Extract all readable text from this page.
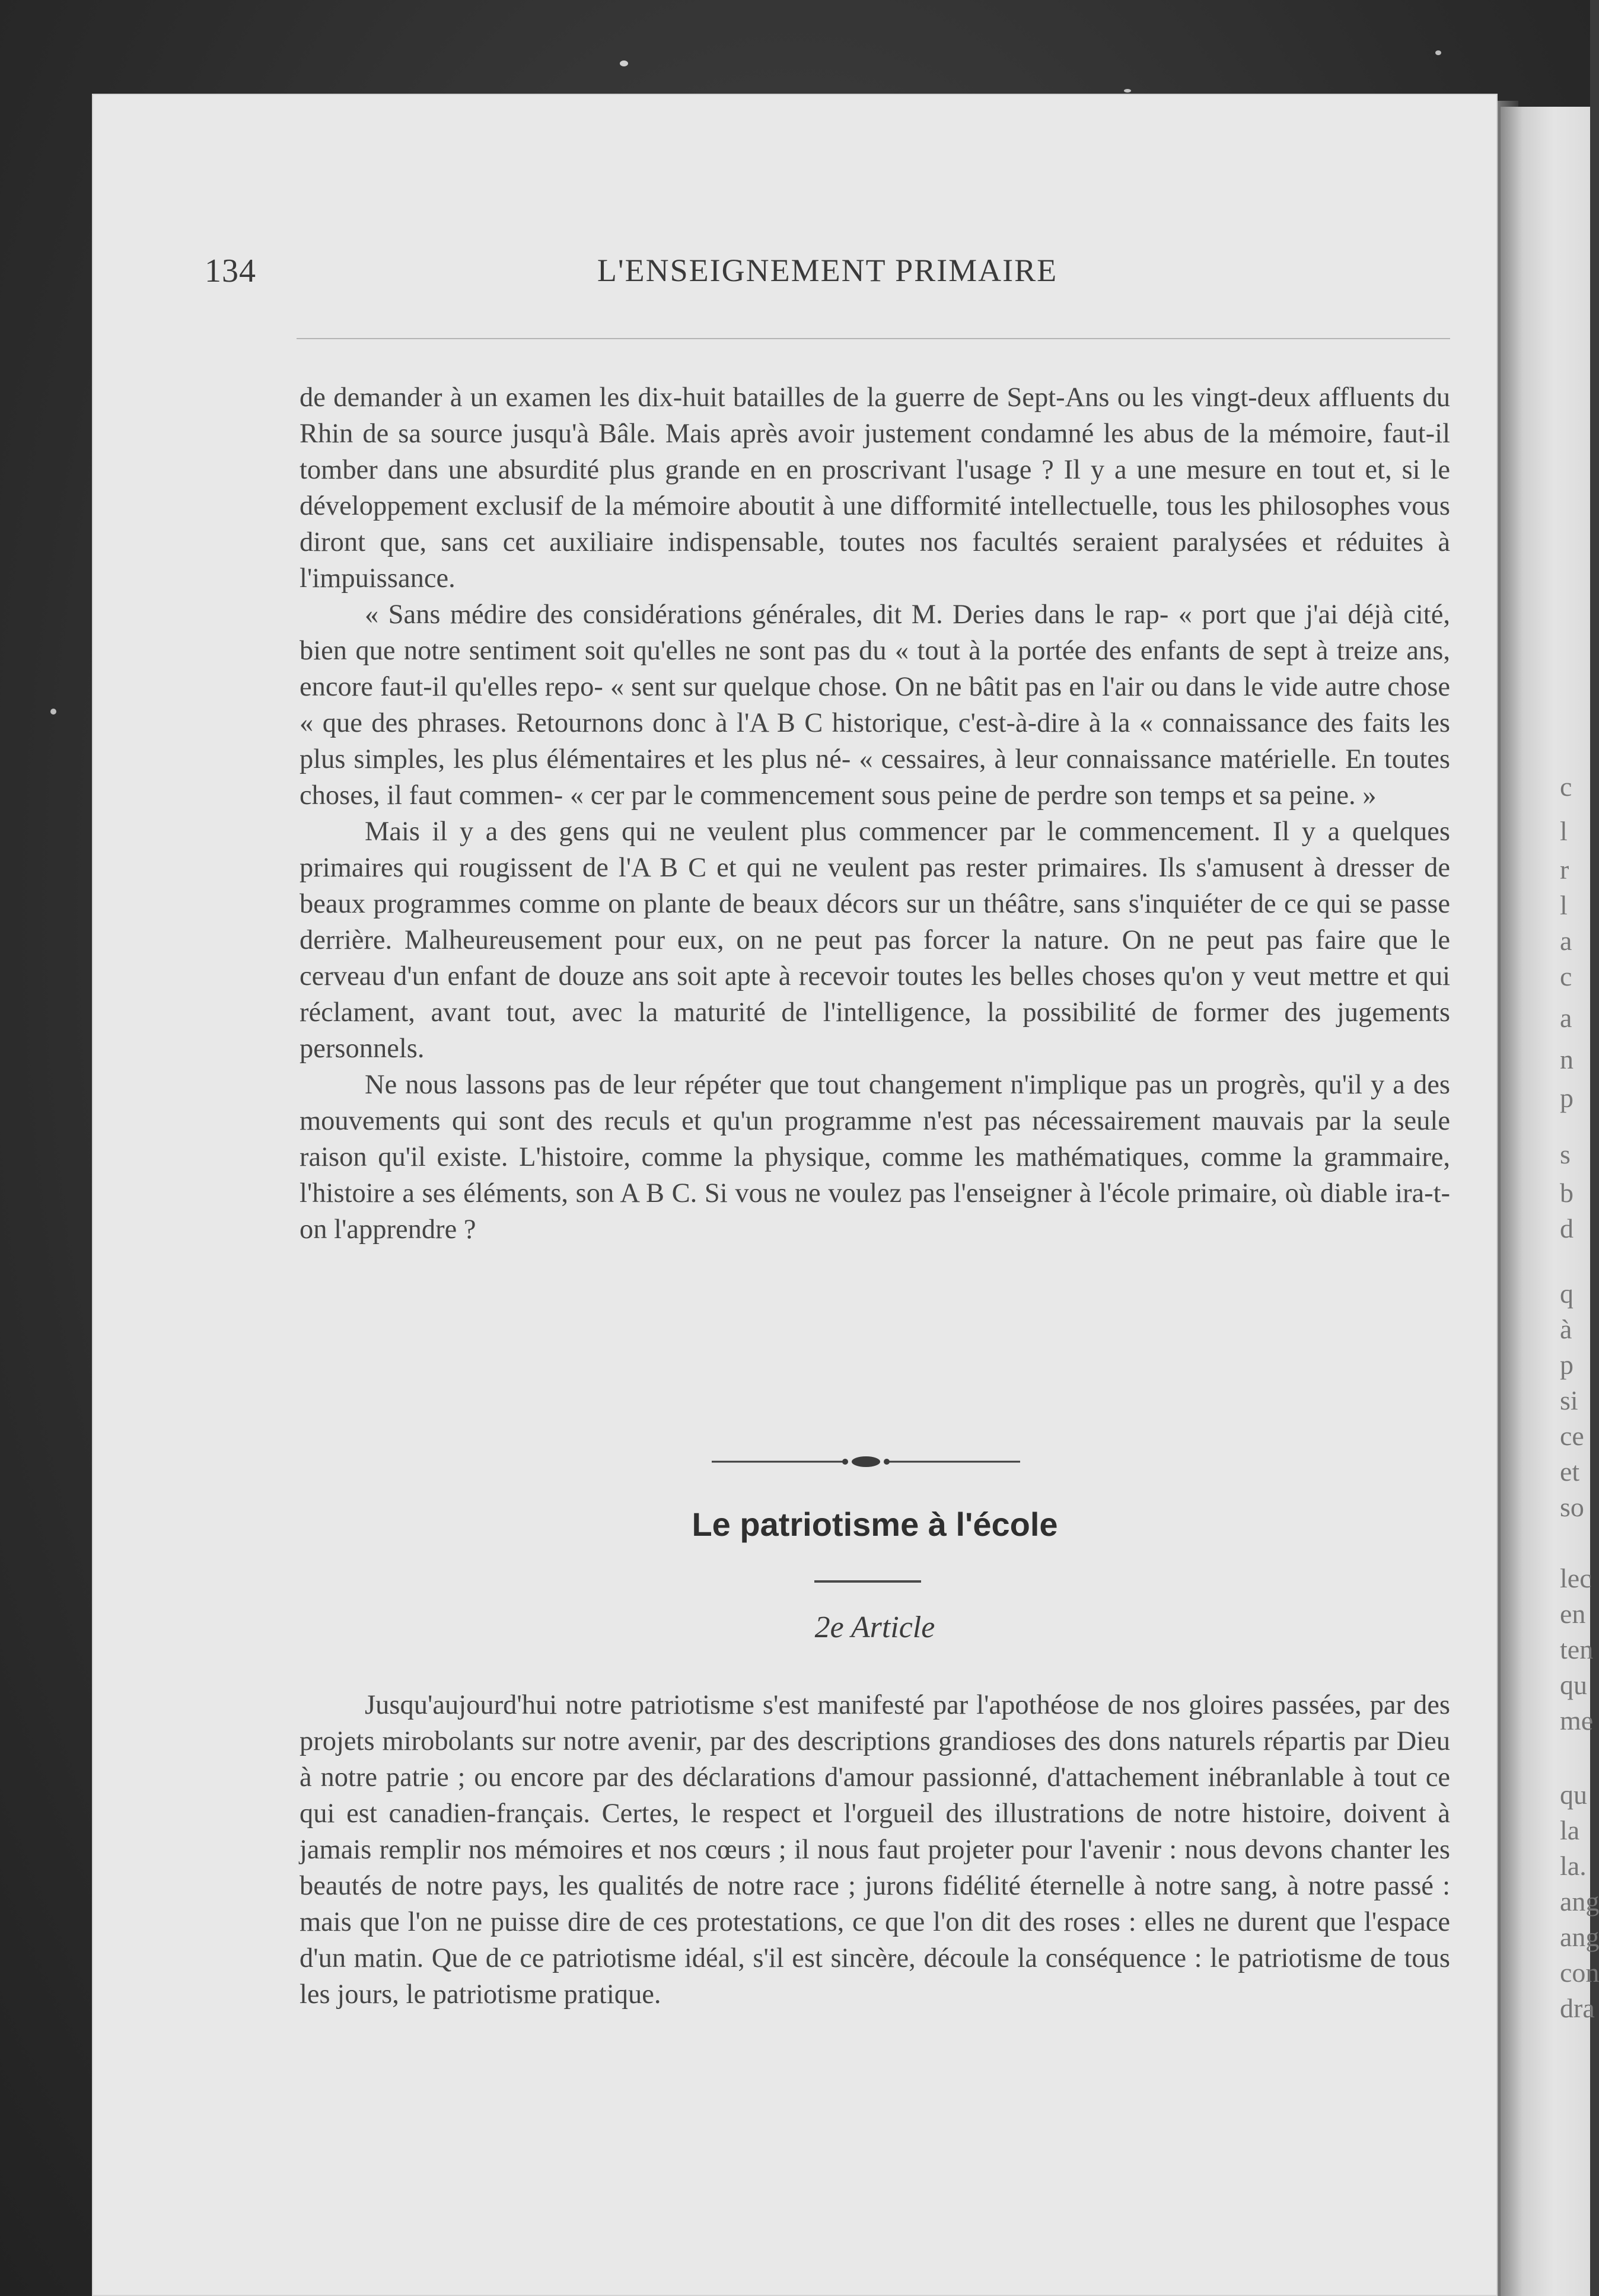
c
l
r
l
a
c
a
n
p
s
b
d
q
à
p
si
ce
et
so
lec
en
ten
qu
me
qu
la
la.
ang
ang
con
dra
134	L'ENSEIGNEMENT PRIMAIRE

de demander à un examen les dix-huit batailles de la guerre de Sept-Ans ou les vingt-deux affluents du Rhin de sa source jusqu'à Bâle. Mais après avoir justement condamné les abus de la mémoire, faut-il tomber dans une absurdité plus grande en en proscrivant l'usage ? Il y a une mesure en tout et, si le développement exclusif de la mémoire aboutit à une difformité intellectuelle, tous les philosophes vous diront que, sans cet auxiliaire indispensable, toutes nos facultés seraient paralysées et réduites à l'impuissance.

« Sans médire des considérations générales, dit M. Deries dans le rap- « port que j'ai déjà cité, bien que notre sentiment soit qu'elles ne sont pas du « tout à la portée des enfants de sept à treize ans, encore faut-il qu'elles repo- « sent sur quelque chose. On ne bâtit pas en l'air ou dans le vide autre chose « que des phrases. Retournons donc à l'A B C historique, c'est-à-dire à la « connaissance des faits les plus simples, les plus élémentaires et les plus né- « cessaires, à leur connaissance matérielle. En toutes choses, il faut commen- « cer par le commencement sous peine de perdre son temps et sa peine. »

Mais il y a des gens qui ne veulent plus commencer par le commencement. Il y a quelques primaires qui rougissent de l'A B C et qui ne veulent pas rester primaires. Ils s'amusent à dresser de beaux programmes comme on plante de beaux décors sur un théâtre, sans s'inquiéter de ce qui se passe derrière. Malheureusement pour eux, on ne peut pas forcer la nature. On ne peut pas faire que le cerveau d'un enfant de douze ans soit apte à recevoir toutes les belles choses qu'on y veut mettre et qui réclament, avant tout, avec la maturité de l'intelligence, la possibilité de former des jugements personnels.

Ne nous lassons pas de leur répéter que tout changement n'implique pas un progrès, qu'il y a des mouvements qui sont des reculs et qu'un programme n'est pas nécessairement mauvais par la seule raison qu'il existe. L'histoire, comme la physique, comme les mathématiques, comme la grammaire, l'histoire a ses éléments, son A B C. Si vous ne voulez pas l'enseigner à l'école primaire, où diable ira-t-on l'apprendre ?

Le patriotisme à l'école
2e Article

Jusqu'aujourd'hui notre patriotisme s'est manifesté par l'apothéose de nos gloires passées, par des projets mirobolants sur notre avenir, par des descriptions grandioses des dons naturels répartis par Dieu à notre patrie ; ou encore par des déclarations d'amour passionné, d'attachement inébranlable à tout ce qui est canadien-français. Certes, le respect et l'orgueil des illustrations de notre histoire, doivent à jamais remplir nos mémoires et nos cœurs ; il nous faut projeter pour l'avenir : nous devons chanter les beautés de notre pays, les qualités de notre race ; jurons fidélité éternelle à notre sang, à notre passé : mais que l'on ne puisse dire de ces protestations, ce que l'on dit des roses : elles ne durent que l'espace d'un matin. Que de ce patriotisme idéal, s'il est sincère, découle la conséquence : le patriotisme de tous les jours, le patriotisme pratique.
